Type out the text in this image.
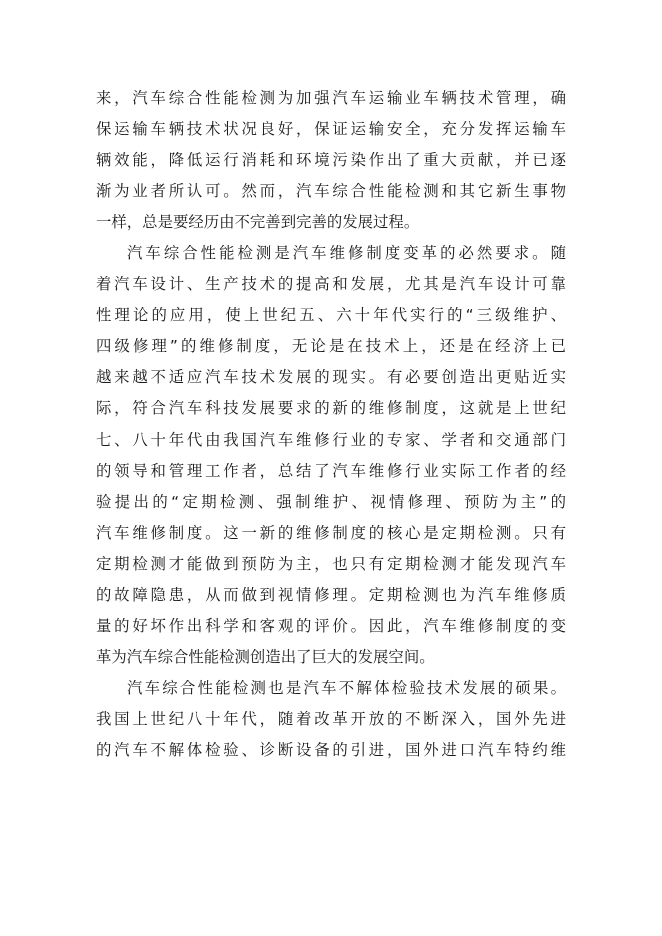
来，汽车综合性能检测为加强汽车运输业车辆技术管理，确
保运输车辆技术状况良好，保证运输安全，充分发挥运输车
辆效能，降低运行消耗和环境污染作出了重大贡献，并已逐
渐为业者所认可。然而，汽车综合性能检测和其它新生事物
一样，总是要经历由不完善到完善的发展过程。
汽车综合性能检测是汽车维修制度变革的必然要求。随
着汽车设计、生产技术的提高和发展，尤其是汽车设计可靠
性理论的应用，使上世纪五、六十年代实行的“三级维护、
四级修理”的维修制度，无论是在技术上，还是在经济上已
越来越不适应汽车技术发展的现实。有必要创造出更贴近实
际，符合汽车科技发展要求的新的维修制度，这就是上世纪
七、八十年代由我国汽车维修行业的专家、学者和交通部门
的领导和管理工作者，总结了汽车维修行业实际工作者的经
验提出的“定期检测、强制维护、视情修理、预防为主”的
汽车维修制度。这一新的维修制度的核心是定期检测。只有
定期检测才能做到预防为主，也只有定期检测才能发现汽车
的故障隐患，从而做到视情修理。定期检测也为汽车维修质
量的好坏作出科学和客观的评价。因此，汽车维修制度的变
革为汽车综合性能检测创造出了巨大的发展空间。
汽车综合性能检测也是汽车不解体检验技术发展的硕果。
我国上世纪八十年代，随着改革开放的不断深入，国外先进
的汽车不解体检验、诊断设备的引进，国外进口汽车特约维
